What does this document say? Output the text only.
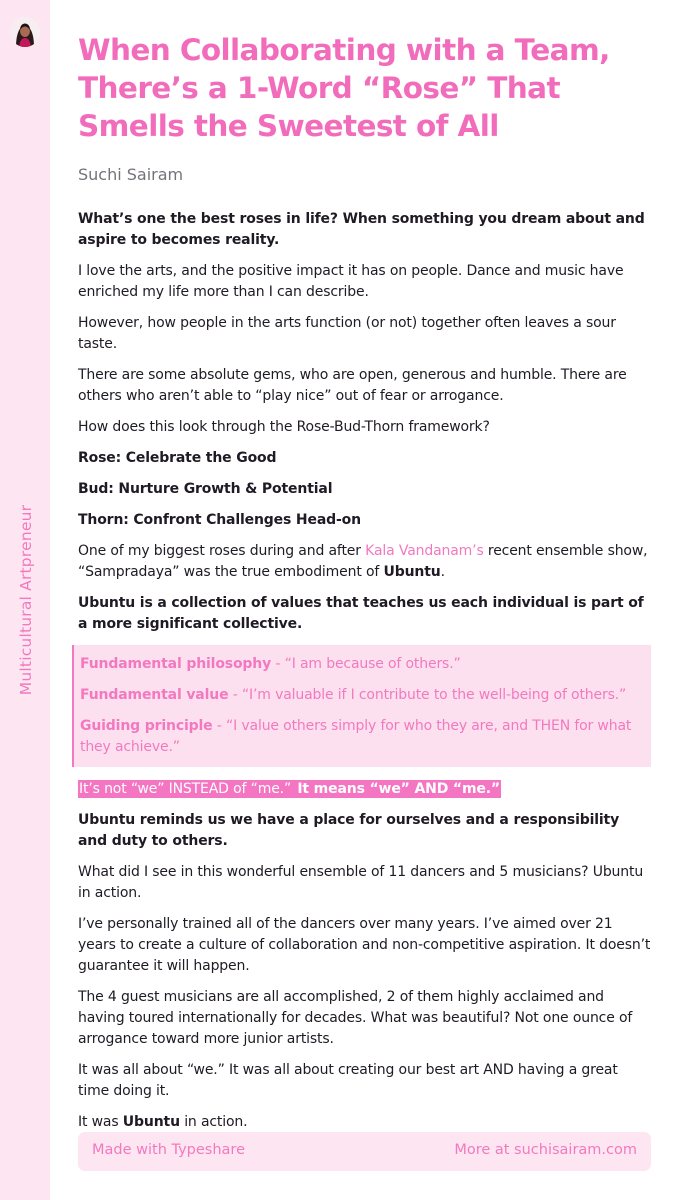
Multicultural Artpreneur
When Collaborating with a Team, There’s a 1-Word “Rose” That Smells the Sweetest of All
Suchi Sairam

What’s one the best roses in life? When something you dream about and aspire to becomes reality.

I love the arts, and the positive impact it has on people. Dance and music have enriched my life more than I can describe.

However, how people in the arts function (or not) together often leaves a sour taste.

There are some absolute gems, who are open, generous and humble. There are others who aren’t able to “play nice” out of fear or arrogance.

How does this look through the Rose-Bud-Thorn framework?

Rose: Celebrate the Good

Bud: Nurture Growth & Potential

Thorn: Confront Challenges Head-on

One of my biggest roses during and after Kala Vandanam’s recent ensemble show, “Sampradaya” was the true embodiment of Ubuntu.

Ubuntu is a collection of values that teaches us each individual is part of a more significant collective.

Fundamental philosophy - “I am because of others.”

Fundamental value - “I’m valuable if I contribute to the well-being of others.”

Guiding principle - “I value others simply for who they are, and THEN for what they achieve.”

It’s not “we” INSTEAD of “me.” It means “we” AND “me.”

Ubuntu reminds us we have a place for ourselves and a responsibility and duty to others.

What did I see in this wonderful ensemble of 11 dancers and 5 musicians? Ubuntu in action.

I’ve personally trained all of the dancers over many years. I’ve aimed over 21 years to create a culture of collaboration and non-competitive aspiration. It doesn’t guarantee it will happen.

The 4 guest musicians are all accomplished, 2 of them highly acclaimed and having toured internationally for decades. What was beautiful? Not one ounce of arrogance toward more junior artists.

It was all about “we.” It was all about creating our best art AND having a great time doing it.

It was Ubuntu in action.

Made with Typeshare	More at suchisairam.com
